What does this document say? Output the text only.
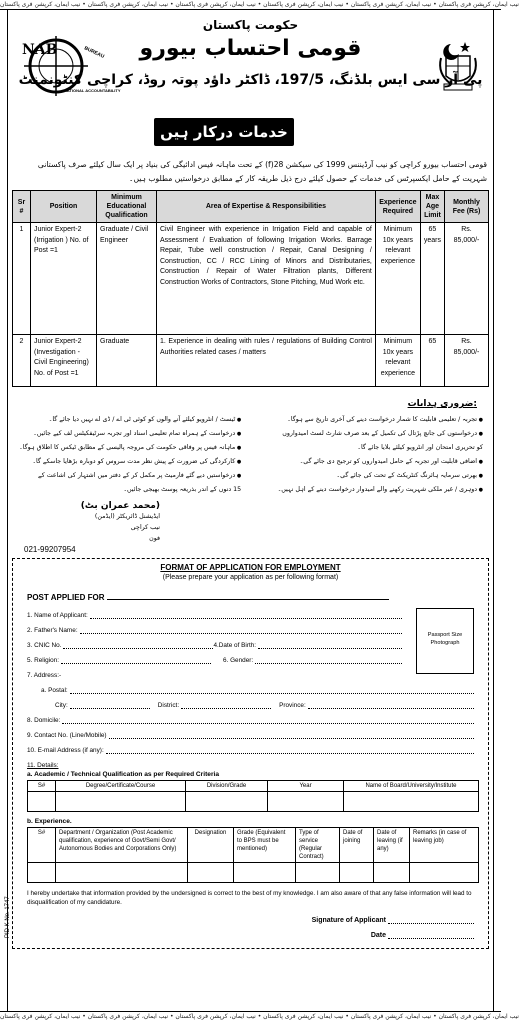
نیب ایمان، کرپشن فری پاکستان • نیب ایمان، کرپشن فری پاکستان • نیب ایمان، کرپشن فری پاکستان • نیب ایمان، کرپشن فری پاکستان • نیب ایمان، کرپشن فری پاکستان • نیب ایمان، کرپشن فری پاکستان
نیب ایمان، کرپشن فری پاکستان • نیب ایمان، کرپشن فری پاکستان • نیب ایمان، کرپشن فری پاکستان • نیب ایمان، کرپشن فری پاکستان • نیب ایمان، کرپشن فری پاکستان • نیب ایمان، کرپشن فری پاکستان
NAB
NATIONAL ACCOUNTABILITY
BUREAU
حکومت پاکستان
قومی احتساب بیورو
پی آر سی ایس بلڈنگ، 197/5، ڈاکٹر داؤد پوتہ روڈ، کراچی کنٹونمنٹ
خدمات درکار ہیں
قومی احتساب بیورو کراچی کو نیب آرڈیننس 1999 کی سیکشن 28(f) کے تحت ماہانہ فیس ادائیگی کی بنیاد پر ایک سال کیلئے صرف پاکستانی شہریت کے حامل ایکسپرٹس کی خدمات کے حصول کیلئے درج ذیل طریقہ کار کے مطابق درخواستیں مطلوب ہیں۔
Sr #	Position	Minimum Educational Qualification	Area of Expertise & Responsibilities	Experience Required	Max Age Limit	Monthly Fee (Rs)
1	Junior Expert-2 (Irrigation ) No. of Post =1	Graduate / Civil Engineer	Civil Engineer with experience in Irrigation Field and capable of Assessment / Evaluation of following Irrigation Works. Barrage Repair, Tube well construction / Repair, Canal Designing / Construction, CC / RCC Lining of Minors and Distributaries, Construction / Repair of Water Filtration plants, Different Construction Works of Contractors, Stone Pitching, Mud Work etc.	Minimum 10x years relevant experience	65 years	Rs. 85,000/-
2	Junior Expert-2 (Investigation - Civil Engineering) No. of Post =1	Graduate	1. Experience in dealing with rules / regulations of Building Control Authorities related cases / matters	Minimum 10x years relevant experience	65	Rs. 85,000/-
ضروری ہدایات:
● ٹیسٹ / انٹرویو کیلئے آنے والوں کو کوئی ٹی اے / ڈی اے نہیں دیا جائے گا۔
● درخواست کے ہمراہ تمام تعلیمی اسناد اور تجربہ سرٹیفکیٹس لف کیے جائیں۔
● ماہانہ فیس پر وفاقی حکومت کی مروجہ پالیسی کے مطابق ٹیکس کا اطلاق ہوگا۔
● کارکردگی کی ضرورت کے پیش نظر مدت سروس کو دوبارہ بڑھایا جاسکے گا۔
● درخواستیں دیے گئے فارمیٹ پر مکمل کر کے دفتر میں اشتہار کی اشاعت کے
15 دنوں کے اندر بذریعہ پوسٹ بھیجی جائیں۔
● تجربہ / تعلیمی قابلیت کا شمار درخواست دینے کی آخری تاریخ سے ہوگا۔
● درخواستوں کی جانچ پڑتال کی تکمیل کے بعد صرف شارٹ لسٹ امیدواروں
کو تحریری امتحان اور انٹرویو کیلئے بلایا جائے گا۔
● اضافی قابلیت اور تجربہ کے حامل امیدواروں کو ترجیح دی جائے گی۔
● بھرتی سرمایہ ہائرنگ کنٹریکٹ کے تحت کی جائے گی۔
● دوہری / غیر ملکی شہریت رکھنے والے امیدوار درخواست دینے کے اہل نہیں۔
(محمد عمران بٹ)
ایڈیشنل ڈائریکٹر (ایڈمن)
نیب کراچی
فون
021-99207954
PID K No. 1747
FORMAT OF APPLICATION FOR EMPLOYMENT
(Please prepare your application as per following format)
POST APPLIED FOR
Passport Size Photograph
1. Name of Applicant:
2. Father's Name:
3. CNIC No.	4.Date of Birth:
5. Religion:	6. Gender:
7. Address:-
a. Postal:
City:	District:	Province:
8. Domicile:
9. Contact No. (Line/Mobile)
10. E-mail Address (if any):
11. Details:
a. Academic / Technical Qualification as per Required Criteria
S#	Degree/Certificate/Course	Division/Grade	Year	Name of Board/University/Institute

b. Experience.
S#	Department / Organization (Post Academic qualification, experience of Govt/Semi Govt/ Autonomous Bodies and Corporations Only)	Designation	Grade (Equivalent to BPS must be mentioned)	Type of service (Regular Contract)	Date of joining	Date of leaving (if any)	Remarks (in case of leaving job)

I hereby undertake that information provided by the undersigned is correct to the best of my knowledge. I am also aware of that any false information will lead to disqualification of my candidature.
Signature of Applicant
Date
